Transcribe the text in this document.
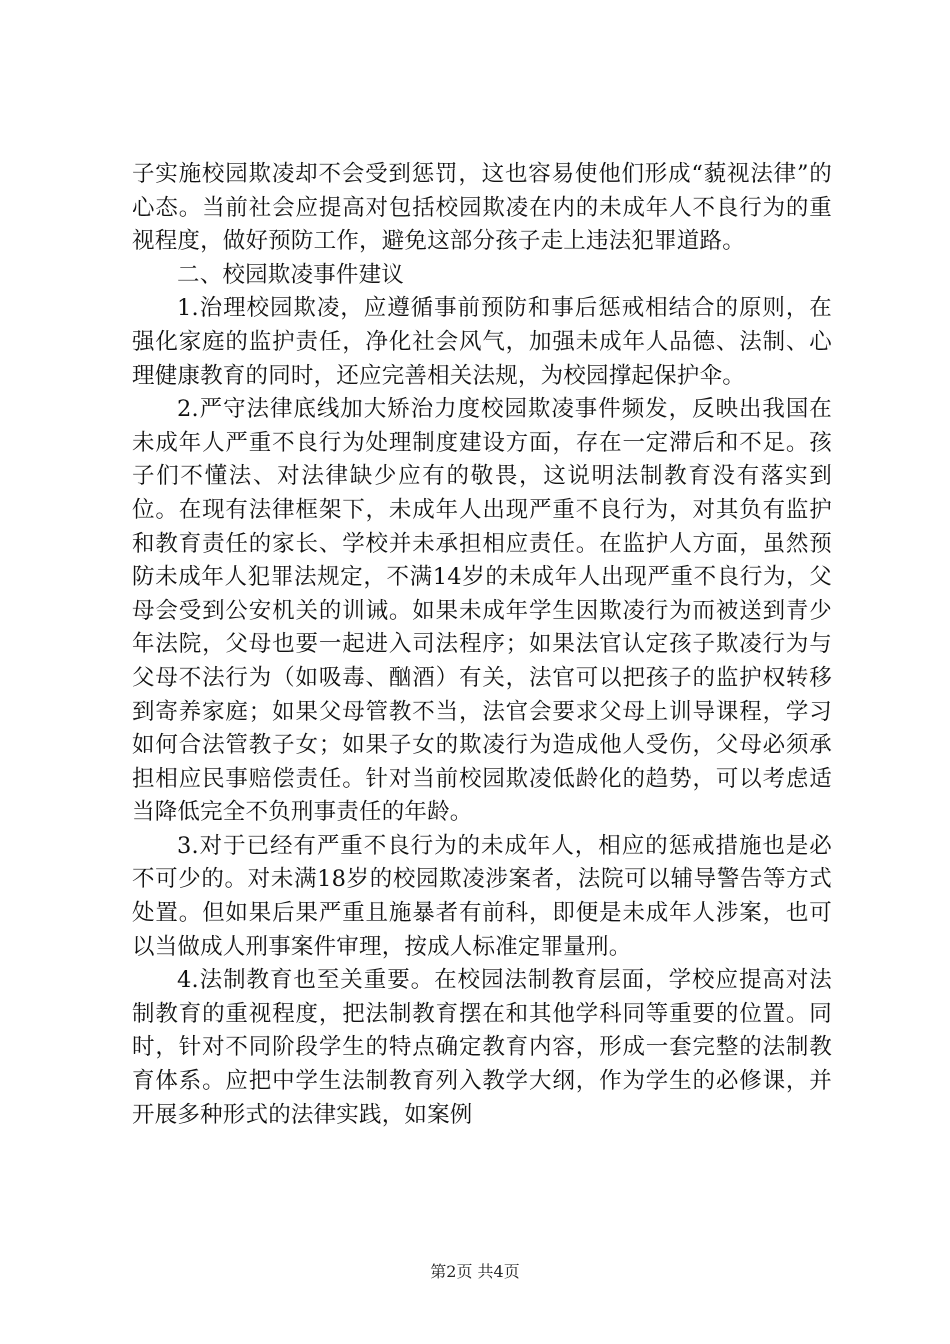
子实施校园欺凌却不会受到惩罚，这也容易使他们形成“藐视法律”的心态。当前社会应提高对包括校园欺凌在内的未成年人不良行为的重视程度，做好预防工作，避免这部分孩子走上违法犯罪道路。

二、校园欺凌事件建议

1.治理校园欺凌，应遵循事前预防和事后惩戒相结合的原则，在强化家庭的监护责任，净化社会风气，加强未成年人品德、法制、心理健康教育的同时，还应完善相关法规，为校园撑起保护伞。

2.严守法律底线加大矫治力度校园欺凌事件频发，反映出我国在未成年人严重不良行为处理制度建设方面，存在一定滞后和不足。孩子们不懂法、对法律缺少应有的敬畏，这说明法制教育没有落实到位。在现有法律框架下，未成年人出现严重不良行为，对其负有监护和教育责任的家长、学校并未承担相应责任。在监护人方面，虽然预防未成年人犯罪法规定，不满14岁的未成年人出现严重不良行为，父母会受到公安机关的训诫。如果未成年学生因欺凌行为而被送到青少年法院，父母也要一起进入司法程序；如果法官认定孩子欺凌行为与父母不法行为（如吸毒、酗酒）有关，法官可以把孩子的监护权转移到寄养家庭；如果父母管教不当，法官会要求父母上训导课程，学习如何合法管教子女；如果子女的欺凌行为造成他人受伤，父母必须承担相应民事赔偿责任。针对当前校园欺凌低龄化的趋势，可以考虑适当降低完全不负刑事责任的年龄。

3.对于已经有严重不良行为的未成年人，相应的惩戒措施也是必不可少的。对未满18岁的校园欺凌涉案者，法院可以辅导警告等方式处置。但如果后果严重且施暴者有前科，即便是未成年人涉案，也可以当做成人刑事案件审理，按成人标准定罪量刑。

4.法制教育也至关重要。在校园法制教育层面，学校应提高对法制教育的重视程度，把法制教育摆在和其他学科同等重要的位置。同时，针对不同阶段学生的特点确定教育内容，形成一套完整的法制教育体系。应把中学生法制教育列入教学大纲，作为学生的必修课，并开展多种形式的法律实践，如案例

第2页 共4页
